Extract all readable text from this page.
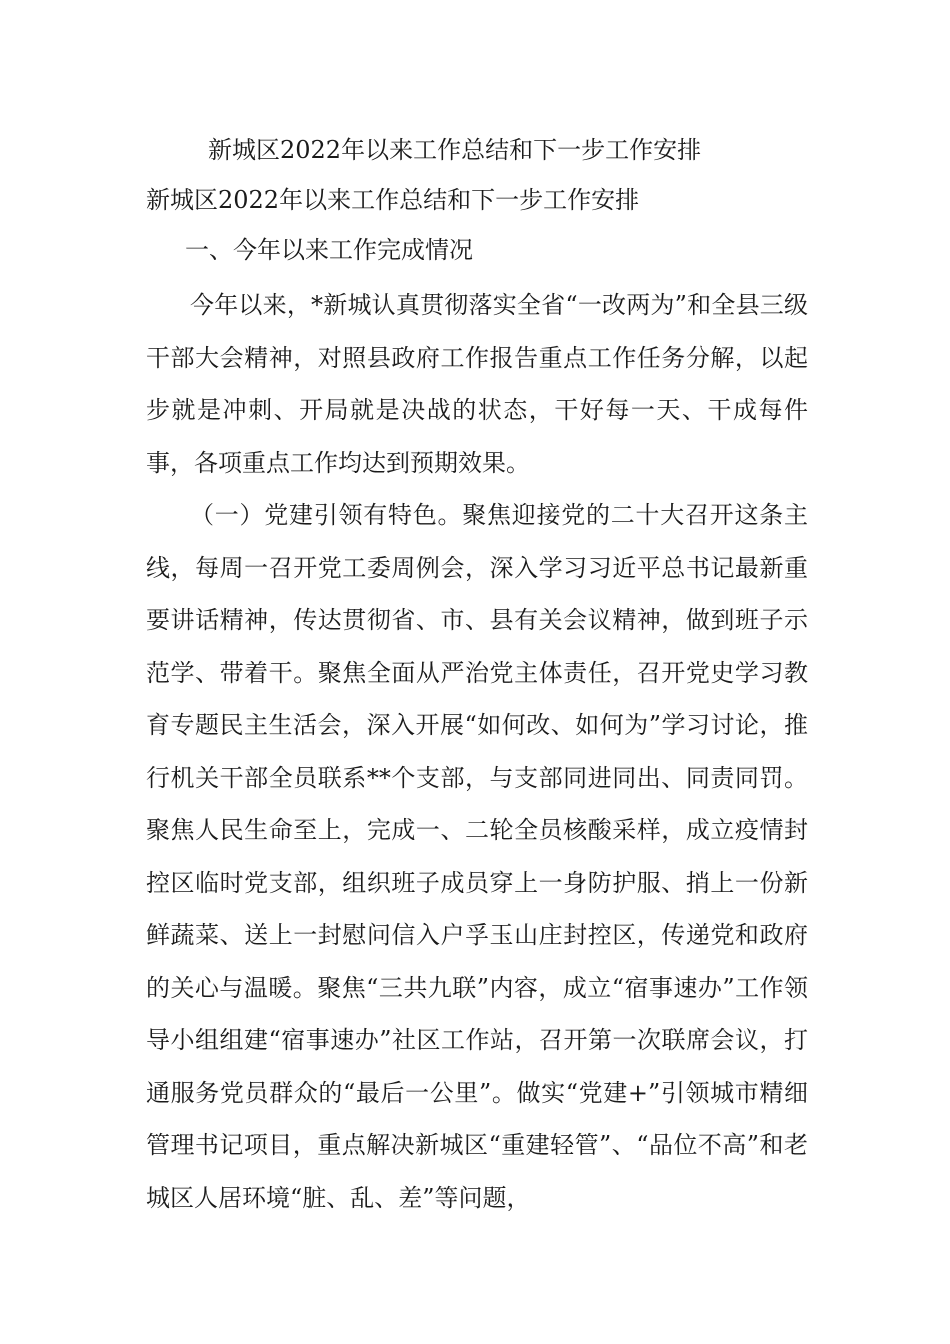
新城区2022年以来工作总结和下一步工作安排
新城区2022年以来工作总结和下一步工作安排
一、今年以来工作完成情况

今年以来，*新城认真贯彻落实全省“一改两为”和全县三级干部大会精神，对照县政府工作报告重点工作任务分解，以起步就是冲刺、开局就是决战的状态，干好每一天、干成每件事，各项重点工作均达到预期效果。

（一）党建引领有特色。聚焦迎接党的二十大召开这条主线，每周一召开党工委周例会，深入学习习近平总书记最新重要讲话精神，传达贯彻省、市、县有关会议精神，做到班子示范学、带着干。聚焦全面从严治党主体责任，召开党史学习教育专题民主生活会，深入开展“如何改、如何为”学习讨论，推行机关干部全员联系**个支部，与支部同进同出、同责同罚。聚焦人民生命至上，完成一、二轮全员核酸采样，成立疫情封控区临时党支部，组织班子成员穿上一身防护服、捎上一份新鲜蔬菜、送上一封慰问信入户孚玉山庄封控区，传递党和政府的关心与温暖。聚焦“三共九联”内容，成立“宿事速办”工作领导小组组建“宿事速办”社区工作站，召开第一次联席会议，打通服务党员群众的“最后一公里”。做实“党建+”引领城市精细管理书记项目，重点解决新城区“重建轻管”、“品位不高”和老城区人居环境“脏、乱、差”等问题，
